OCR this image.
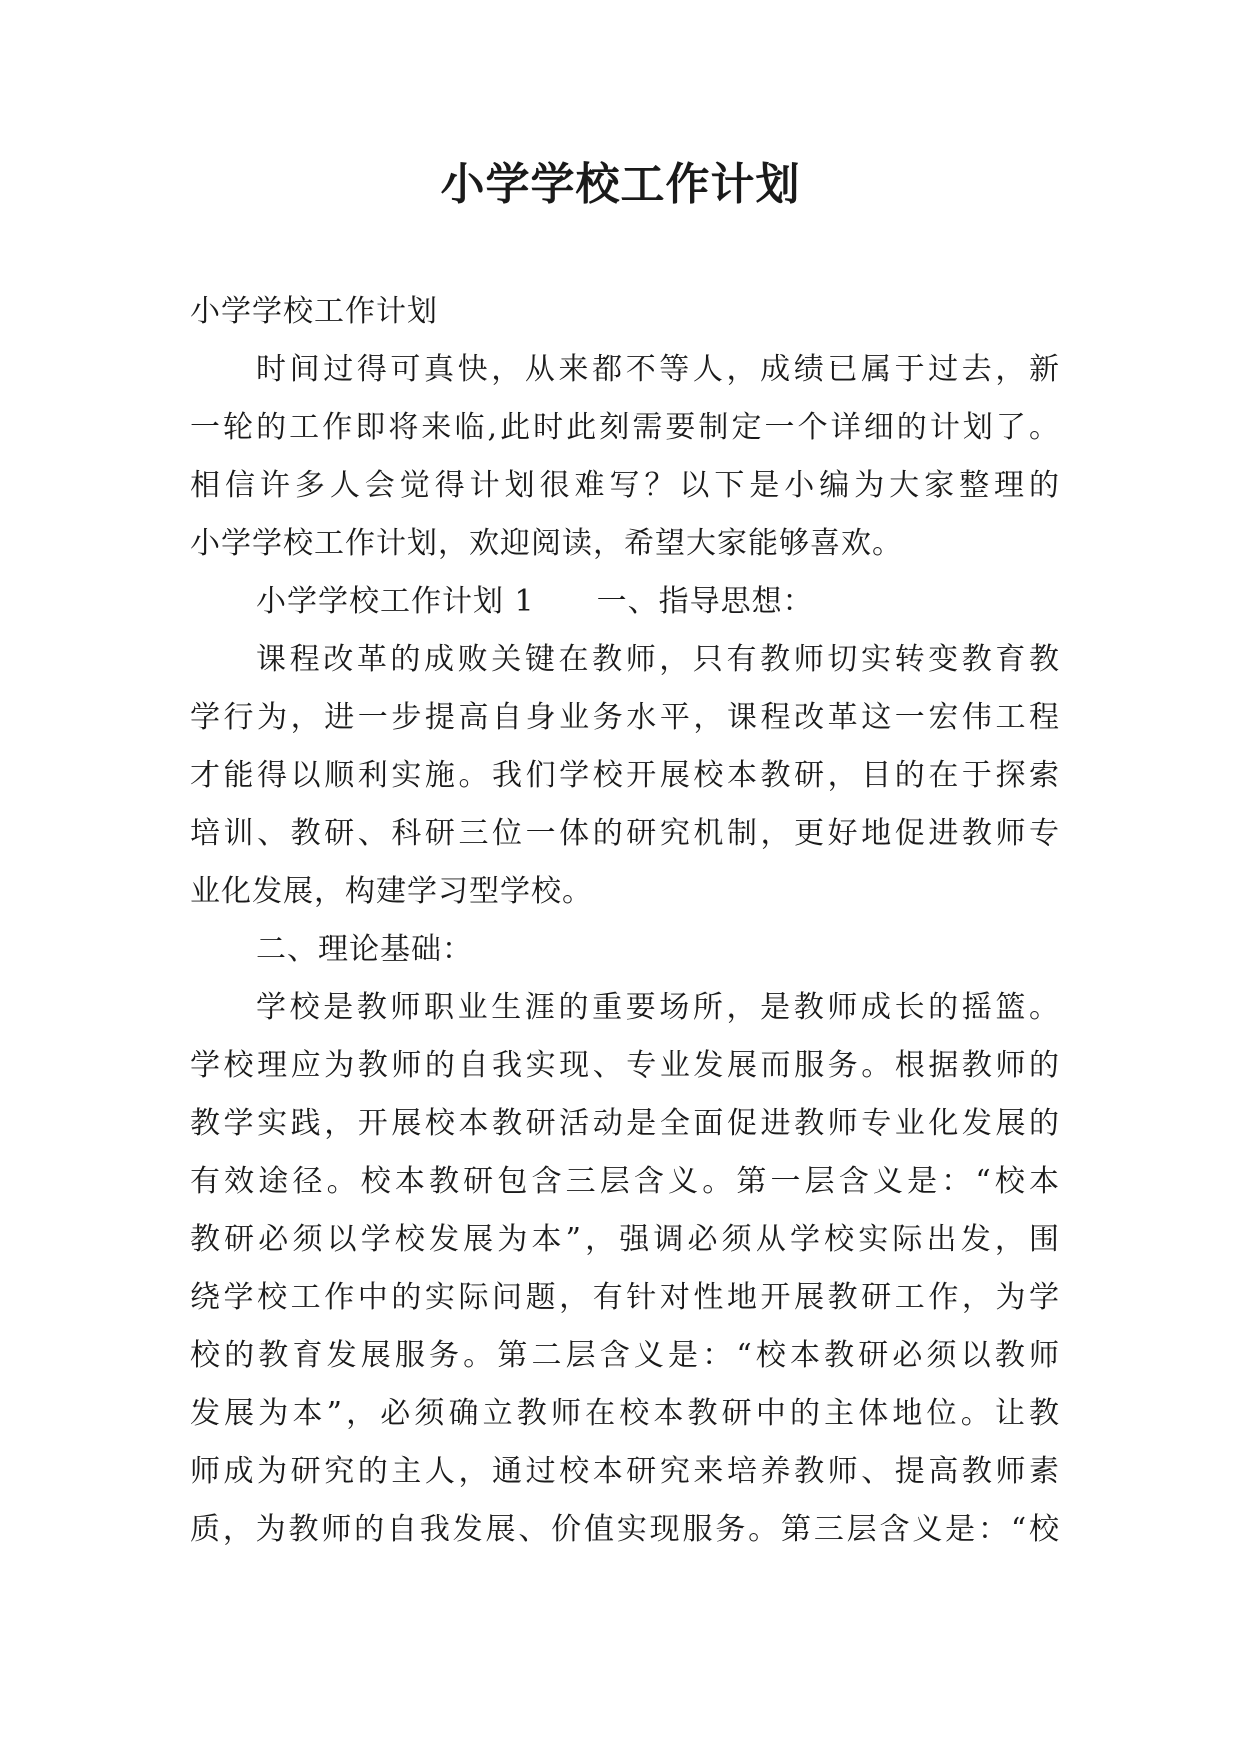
小学学校工作计划
小学学校工作计划
时间过得可真快，从来都不等人，成绩已属于过去，新
一轮的工作即将来临,此时此刻需要制定一个详细的计划了。
相信许多人会觉得计划很难写？以下是小编为大家整理的
小学学校工作计划，欢迎阅读，希望大家能够喜欢。
小学学校工作计划 1　　一、指导思想：
课程改革的成败关键在教师，只有教师切实转变教育教
学行为，进一步提高自身业务水平，课程改革这一宏伟工程
才能得以顺利实施。我们学校开展校本教研，目的在于探索
培训、教研、科研三位一体的研究机制，更好地促进教师专
业化发展，构建学习型学校。
二、理论基础：
学校是教师职业生涯的重要场所，是教师成长的摇篮。
学校理应为教师的自我实现、专业发展而服务。根据教师的
教学实践，开展校本教研活动是全面促进教师专业化发展的
有效途径。校本教研包含三层含义。第一层含义是：“校本
教研必须以学校发展为本”，强调必须从学校实际出发，围
绕学校工作中的实际问题，有针对性地开展教研工作，为学
校的教育发展服务。第二层含义是：“校本教研必须以教师
发展为本”，必须确立教师在校本教研中的主体地位。让教
师成为研究的主人，通过校本研究来培养教师、提高教师素
质，为教师的自我发展、价值实现服务。第三层含义是：“校
